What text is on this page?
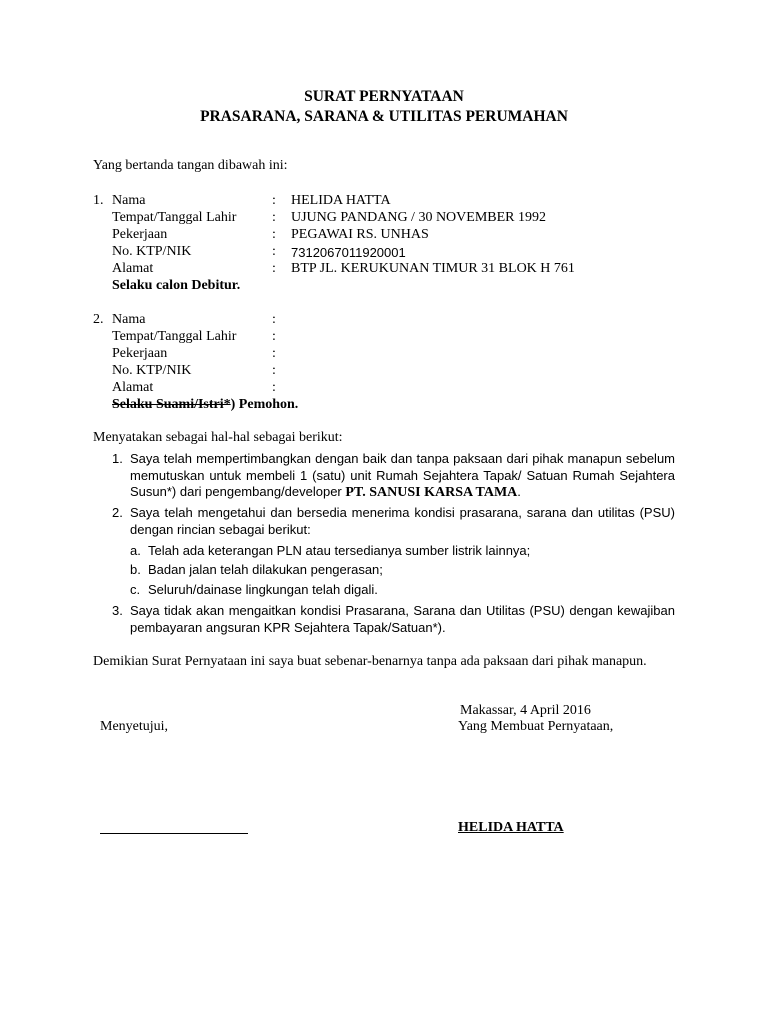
SURAT PERNYATAAN
PRASARANA, SARANA & UTILITAS PERUMAHAN
Yang bertanda tangan dibawah ini:
1. Nama	: HELIDA HATTA
Tempat/Tanggal Lahir	: UJUNG PANDANG / 30 NOVEMBER 1992
Pekerjaan	: PEGAWAI RS. UNHAS
No. KTP/NIK	: 7312067011920001
Alamat	: BTP JL. KERUKUNAN TIMUR 31 BLOK H 761
Selaku calon Debitur.
2. Nama	:
Tempat/Tanggal Lahir	:
Pekerjaan	:
No. KTP/NIK	:
Alamat	:
Selaku Suami/Istri*) Pemohon.
Menyatakan sebagai hal-hal sebagai berikut:
1. Saya telah mempertimbangkan dengan baik dan tanpa paksaan dari pihak manapun sebelum memutuskan untuk membeli 1 (satu) unit Rumah Sejahtera Tapak/ Satuan Rumah Sejahtera Susun*) dari pengembang/developer PT. SANUSI KARSA TAMA.
2. Saya telah mengetahui dan bersedia menerima kondisi prasarana, sarana dan utilitas (PSU) dengan rincian sebagai berikut:
a. Telah ada keterangan PLN atau tersedianya sumber listrik lainnya;
b. Badan jalan telah dilakukan pengerasan;
c. Seluruh/dainase lingkungan telah digali.
3. Saya tidak akan mengaitkan kondisi Prasarana, Sarana dan Utilitas (PSU) dengan kewajiban pembayaran angsuran KPR Sejahtera Tapak/Satuan*).
Demikian Surat Pernyataan ini saya buat sebenar-benarnya tanpa ada paksaan dari pihak manapun.
Makassar, 4 April 2016
Menyetujui,	Yang Membuat Pernyataan,
HELIDA HATTA
